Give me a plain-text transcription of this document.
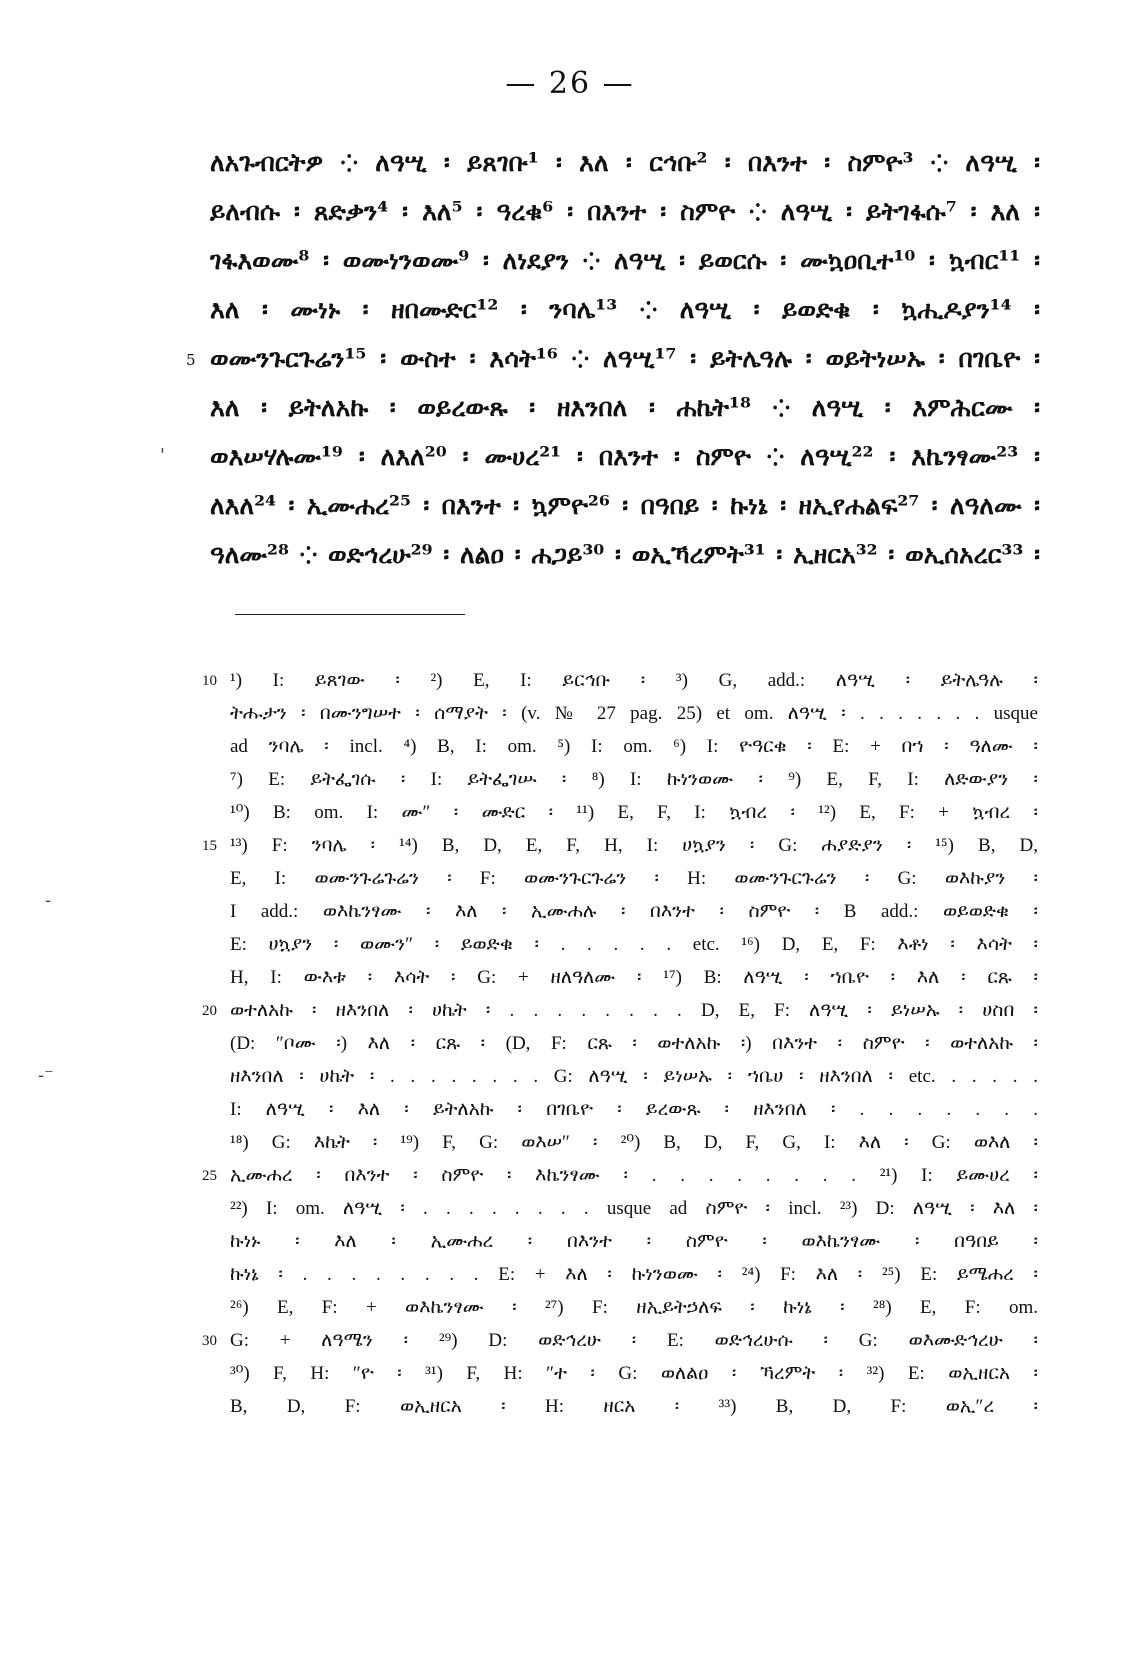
— 26 —
ለአጉብርትዎ ⁘ ለዓሢ ፡ ይጸገቡ¹ ፡ እለ ፡ ርኅቡ² ፡ በእንተ ፡ ስምዮ³ ⁘ ለዓሢ ፡
ይለብሱ ፡ ጸድቃን⁴ ፡ እለ⁵ ፡ ዓረቁ⁶ ፡ በእንተ ፡ ስምዮ ⁘ ለዓሢ ፡ ይትገፋሱ⁷ ፡ እለ ፡
ገፋእወሙ⁸ ፡ ወሙነንወሙ⁹ ፡ ለነደያን ⁘ ለዓሢ ፡ ይወርሱ ፡ ሙኳዐቢተ¹⁰ ፡ ኳብር¹¹ ፡
እለ ፡ ሙነኑ ፡ ዘበሙድር¹² ፡ ንባሌ¹³ ⁘ ለዓሢ ፡ ይወድቁ ፡ ኳሒዶያን¹⁴ ፡
5 ወሙንጉርጉሬን¹⁵ ፡ ውስተ ፡ እሳት¹⁶ ⁘ ለዓሢ¹⁷ ፡ ይትሌዓሉ ፡ ወይትነሠኡ ፡ በገቤዮ ፡
እለ ፡ ይትለአኩ ፡ ወይረውጹ ፡ ዘእንበለ ፡ ሐኬት¹⁸ ⁘ ለዓሢ ፡ እምሕርሙ ፡
ወእሠሃሉሙ¹⁹ ፡ ለእለ²⁰ ፡ ሙሀረ²¹ ፡ በእንተ ፡ ስምዮ ⁘ ለዓሢ²² ፡ እኬንፃሙ²³ ፡
ለእለ²⁴ ፡ ኢሙሐረ²⁵ ፡ በእንተ ፡ ኳምዮ²⁶ ፡ በዓበይ ፡ ኩነኔ ፡ ዘኢየሐልፍ²⁷ ፡ ለዓለሙ ፡
ዓለሙ²⁸ ⁘ ወድኅረሁ²⁹ ፡ ለልዐ ፡ ሐጋይ³⁰ ፡ ወኢኻረምት³¹ ፡ ኢዘርአ³² ፡ ወኢሰአረር³³ ፡
10 ¹) I: ይጸገው ፡ ²) E, I: ይርኅቡ ፡ ³) G, add.: ለዓሢ ፡ ይትሌዓሉ ፡
ትሑታን ፡ በሙንግሠተ ፡ ሰማያት ፡ (v. № 27 pag. 25) et om. ለዓሢ ፡ . . . . . . . usque
ad ንባሌ ፡ incl. ⁴) B, I: om. ⁵) I: om. ⁶) I: ዮዓርቁ ፡ E: + በኀ ፡ ዓለሙ ፡
⁷) E: ይትፌገሱ ፡ I: ይትፌገሡ ፡ ⁸) I: ኩነንወሙ ፡ ⁹) E, F, I: ለድውያን ፡
¹⁰) B: om. I: ሙ″ ፡ ሙድር ፡ ¹¹) E, F, I: ኳብረ ፡ ¹²) E, F: + ኳብረ ፡
15 ¹³) F: ንባሌ ፡ ¹⁴) B, D, E, F, H, I: ሀኳያን ፡ G: ሐያድያን ፡ ¹⁵) B, D,
E, I: ወሙንጉሬጉሬን ፡ F: ወሙንጉርጉሬን ፡ H: ወሙንጉርጉሬን ፡ G: ወእኩያን ፡
I add.: ወእኬንፃሙ ፡ እለ ፡ ኢሙሐሉ ፡ በእንተ ፡ ስምዮ ፡ B add.: ወይወድቁ ፡
E: ሀኳያን ፡ ወሙን″ ፡ ይወድቁ ፡ . . . . . etc. ¹⁶) D, E, F: እቶነ ፡ እሳት ፡
H, I: ውእቱ ፡ እሳት ፡ G: + ዘለዓለሙ ፡ ¹⁷) B: ለዓሢ ፡ ኀቤዮ ፡ እለ ፡ ርጹ ፡
20 ወተለአኩ ፡ ዘእንበለ ፡ ሀኬት ፡ . . . . . . . . D, E, F: ለዓሢ ፡ ይነሠኡ ፡ ሀስበ ፡
(D: ″ቦሙ ፡) እለ ፡ ርጹ ፡ (D, F: ርጹ ፡ ወተለአኩ ፡) በእንተ ፡ ስምዮ ፡ ወተለአኩ ፡
ዘእንበለ ፡ ሀኬት ፡ . . . . . . . . G: ለዓሢ ፡ ይነሠኡ ፡ ኀቤሀ ፡ ዘእንበለ ፡ etc. . . . . .
I: ለዓሢ ፡ እለ ፡ ይትለአኩ ፡ በገቤዮ ፡ ይረውጹ ፡ ዘእንበለ ፡ . . . . . . .
¹⁸) G: እኬት ፡ ¹⁹) F, G: ወእሠ″ ፡ ²⁰) B, D, F, G, I: እለ ፡ G: ወእለ ፡
25 ኢሙሐረ ፡ በእንተ ፡ ስምዮ ፡ እኬንፃሙ ፡ . . . . . . . . ²¹) I: ይሙሀረ ፡
²²) I: om. ለዓሢ ፡ . . . . . . . . usque ad ስምዮ ፡ incl. ²³) D: ለዓሢ ፡ እለ ፡
ኩነኑ ፡ እለ ፡ ኢሙሐረ ፡ በእንተ ፡ ስምዮ ፡ ወእኬንፃሙ ፡ በዓበይ ፡
ኩነኔ ፡ . . . . . . . . E: + እለ ፡ ኩነንወሙ ፡ ²⁴) F: እለ ፡ ²⁵) E: ይሜሐረ ፡
²⁶) E, F: + ወእኬንፃሙ ፡ ²⁷) F: ዘኢይትኃለፍ ፡ ኩነኔ ፡ ²⁸) E, F: om.
30 G: + ለዓሜን ፡ ²⁹) D: ወድኅረሁ ፡ E: ወድኅረሁሱ ፡ G: ወእሙድኅረሁ ፡
³⁰) F, H: ″ዮ ፡ ³¹) F, H: ″ተ ፡ G: ወለልዐ ፡ ኻረምት ፡ ³²) E: ወኢዘርአ ፡
B, D, F: ወኢዘርአ ፡ H: ዘርአ ፡ ³³) B, D, F: ወኢ″ረ ፡
'
-
-⁻
